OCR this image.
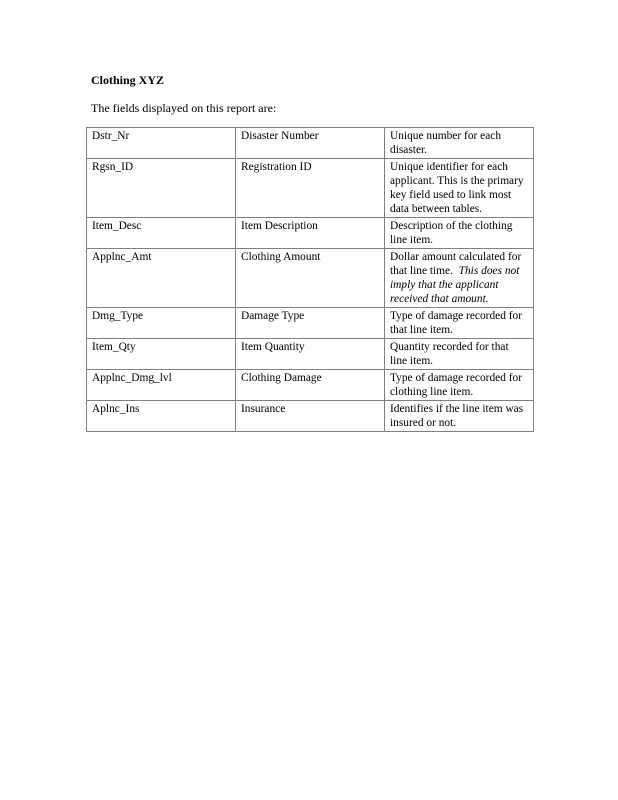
Clothing XYZ
The fields displayed on this report are:
Dstr_Nr	Disaster Number	Unique number for each disaster.
Rgsn_ID	Registration ID	Unique identifier for each applicant. This is the primary key field used to link most data between tables.
Item_Desc	Item Description	Description of the clothing line item.
Applnc_Amt	Clothing Amount	Dollar amount calculated for that line time. This does not imply that the applicant received that amount.
Dmg_Type	Damage Type	Type of damage recorded for that line item.
Item_Qty	Item Quantity	Quantity recorded for that line item.
Applnc_Dmg_lvl	Clothing Damage	Type of damage recorded for clothing line item.
Aplnc_Ins	Insurance	Identifies if the line item was insured or not.
